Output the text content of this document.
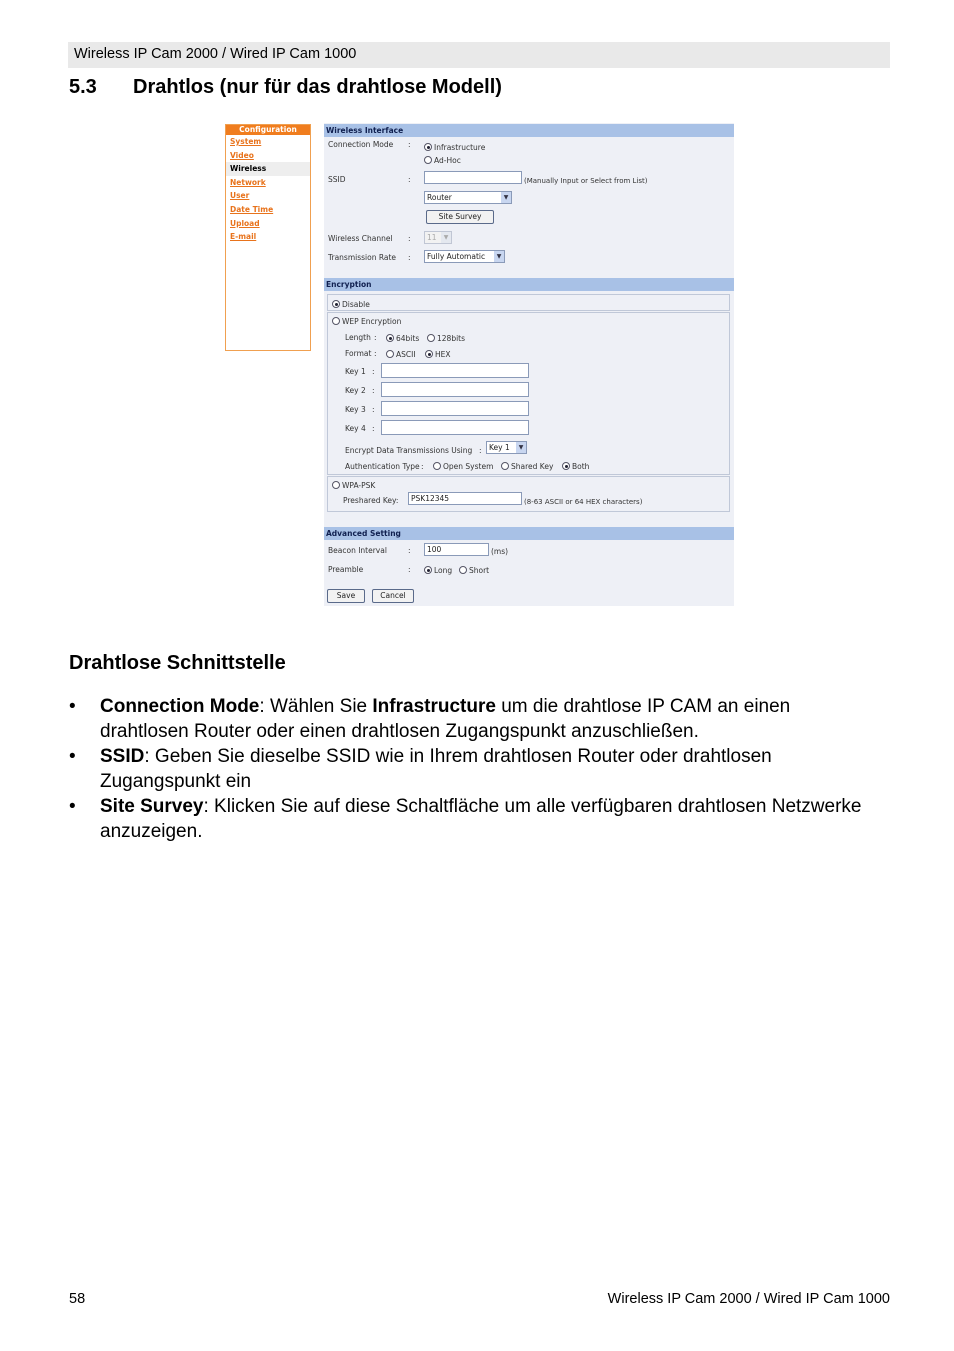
Wireless IP Cam 2000 / Wired IP Cam 1000
5.3 Drahtlos (nur für das drahtlose Modell)
Configuration
System
Video
Wireless
Network
User
Date Time
Upload
E-mail
Wireless Interface
Connection Mode :	Infrastructure
Ad-Hoc
SSID	:	(Manually Input or Select from List)
Router	▼
Site Survey
Wireless Channel :	11	▼
Transmission Rate :	Fully Automatic	▼
Encryption
Disable
WEP Encryption
Length :	64bits 128bits
Format :	ASCII	HEX
Key 1 :
Key 2 :
Key 3 :
Key 4 :
Encrypt Data Transmissions Using : Key 1	▼
Authentication Type :	Open System Shared Key Both
WPA-PSK
Preshared Key:	PSK12345	(8-63 ASCII or 64 HEX characters)
Advanced Setting
Beacon Interval	:	100	(ms)
Preamble	:	Long Short
Save	Cancel
Drahtlose Schnittstelle
• Connection Mode: Wählen Sie Infrastructure um die drahtlose IP CAM an einen drahtlosen Router oder einen drahtlosen Zugangspunkt anzuschließen.
• SSID: Geben Sie dieselbe SSID wie in Ihrem drahtlosen Router oder drahtlosen Zugangspunkt ein
• Site Survey: Klicken Sie auf diese Schaltfläche um alle verfügbaren drahtlosen Netzwerke anzuzeigen.
58	Wireless IP Cam 2000 / Wired IP Cam 1000
